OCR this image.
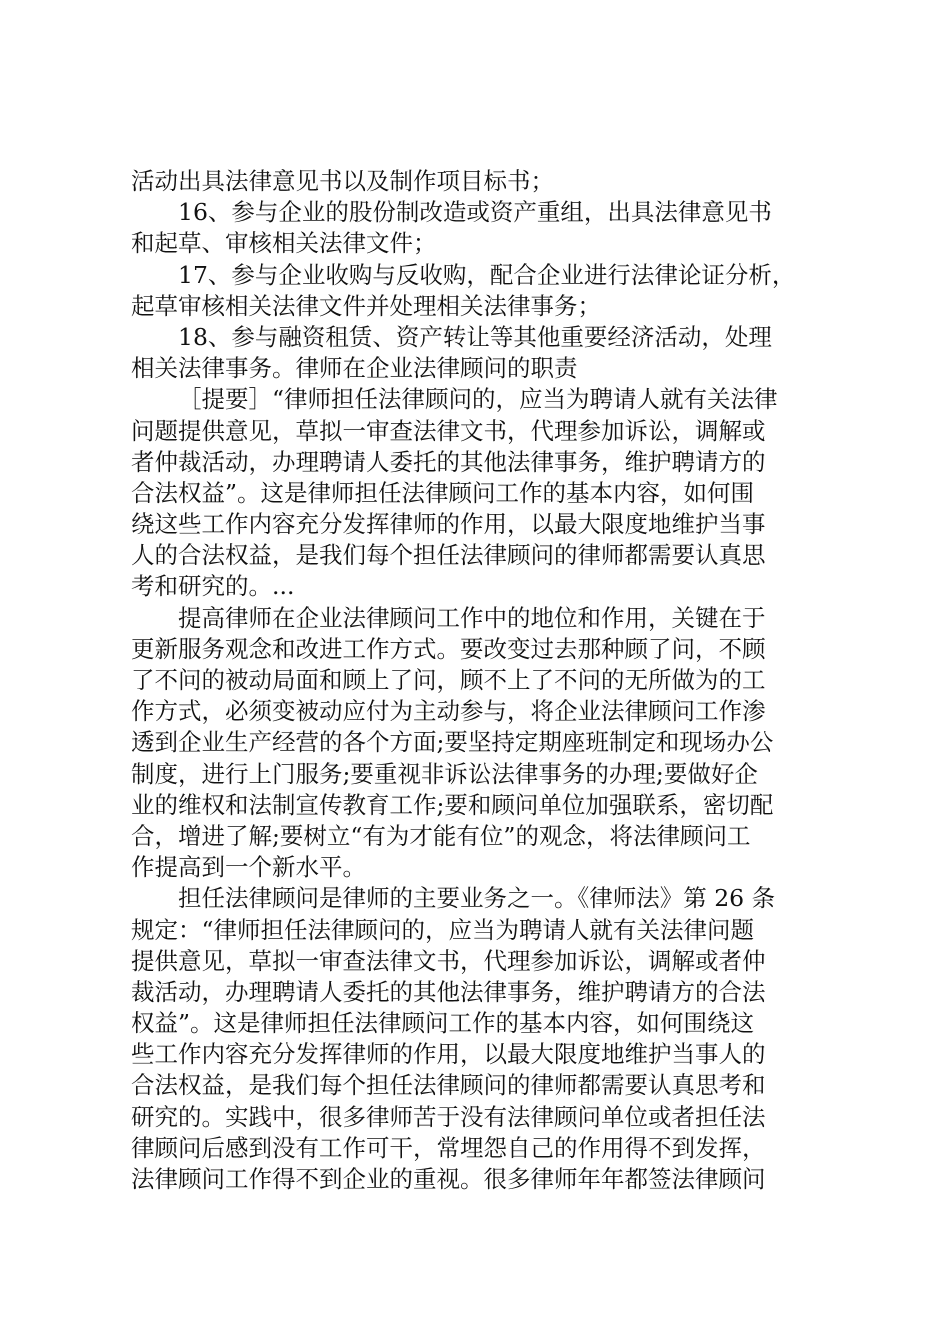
活动出具法律意见书以及制作项目标书；
16、参与企业的股份制改造或资产重组，出具法律意见书
和起草、审核相关法律文件；
17、参与企业收购与反收购，配合企业进行法律论证分析，
起草审核相关法律文件并处理相关法律事务；
18、参与融资租赁、资产转让等其他重要经济活动，处理
相关法律事务。律师在企业法律顾问的职责
［提要］“律师担任法律顾问的，应当为聘请人就有关法律
问题提供意见，草拟一审查法律文书，代理参加诉讼，调解或
者仲裁活动，办理聘请人委托的其他法律事务，维护聘请方的
合法权益”。这是律师担任法律顾问工作的基本内容，如何围
绕这些工作内容充分发挥律师的作用，以最大限度地维护当事
人的合法权益，是我们每个担任法律顾问的律师都需要认真思
考和研究的。...
提高律师在企业法律顾问工作中的地位和作用，关键在于
更新服务观念和改进工作方式。要改变过去那种顾了问，不顾
了不问的被动局面和顾上了问，顾不上了不问的无所做为的工
作方式，必须变被动应付为主动参与，将企业法律顾问工作渗
透到企业生产经营的各个方面;要坚持定期座班制定和现场办公
制度，进行上门服务;要重视非诉讼法律事务的办理;要做好企
业的维权和法制宣传教育工作;要和顾问单位加强联系，密切配
合，增进了解;要树立“有为才能有位”的观念，将法律顾问工
作提高到一个新水平。
担任法律顾问是律师的主要业务之一。《律师法》第 26 条
规定：“律师担任法律顾问的，应当为聘请人就有关法律问题
提供意见，草拟一审查法律文书，代理参加诉讼，调解或者仲
裁活动，办理聘请人委托的其他法律事务，维护聘请方的合法
权益”。这是律师担任法律顾问工作的基本内容，如何围绕这
些工作内容充分发挥律师的作用，以最大限度地维护当事人的
合法权益，是我们每个担任法律顾问的律师都需要认真思考和
研究的。实践中，很多律师苦于没有法律顾问单位或者担任法
律顾问后感到没有工作可干，常埋怨自己的作用得不到发挥，
法律顾问工作得不到企业的重视。很多律师年年都签法律顾问
